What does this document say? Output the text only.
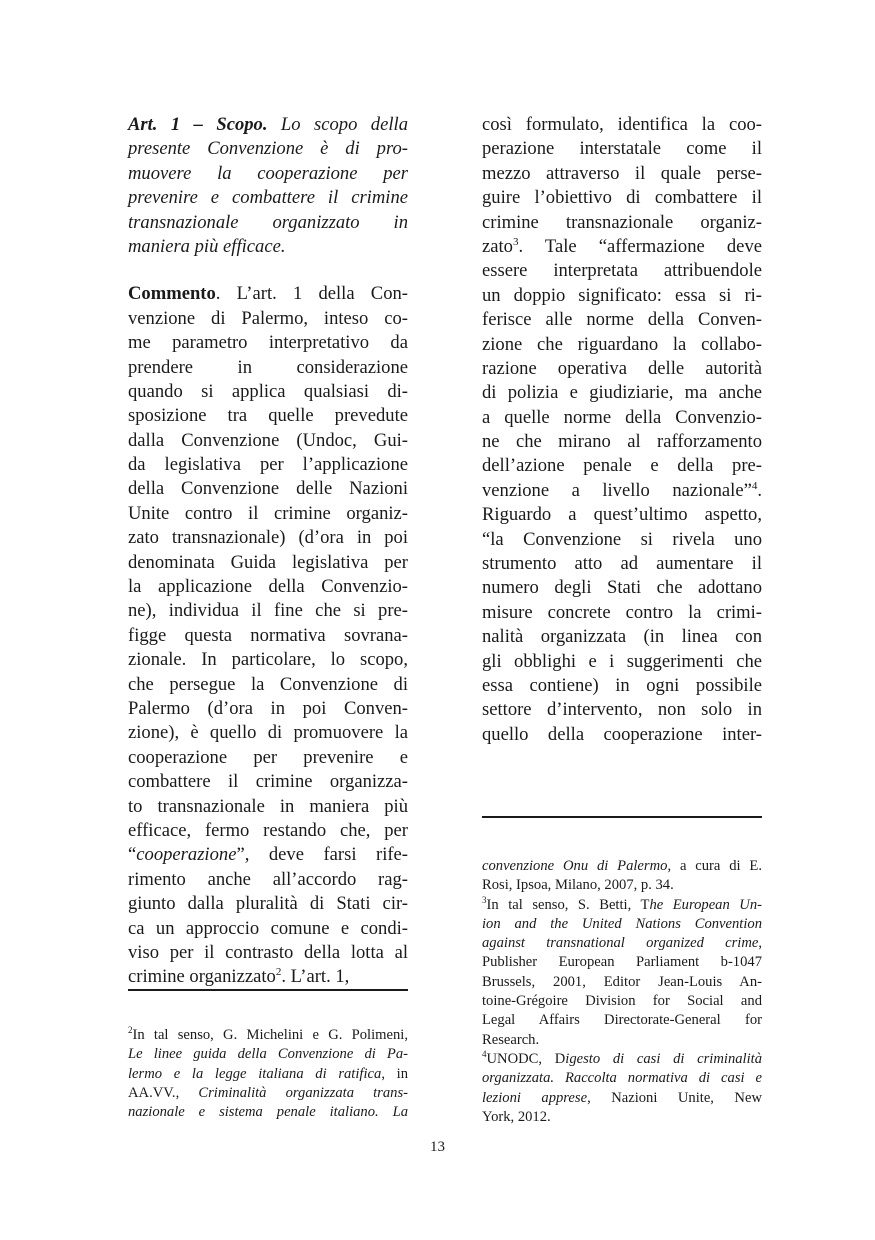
Art. 1 – Scopo. Lo scopo della
presente Convenzione è di pro-
muovere la cooperazione per
prevenire e combattere il crimine
transnazionale organizzato in
maniera più efficace.
Commento. L’art. 1 della Con-
venzione di Palermo, inteso co-
me parametro interpretativo da
prendere in considerazione
quando si applica qualsiasi di-
sposizione tra quelle prevedute
dalla Convenzione (Undoc, Gui-
da legislativa per l’applicazione
della Convenzione delle Nazioni
Unite contro il crimine organiz-
zato transnazionale) (d’ora in poi
denominata Guida legislativa per
la applicazione della Convenzio-
ne), individua il fine che si pre-
figge questa normativa sovrana-
zionale. In particolare, lo scopo,
che persegue la Convenzione di
Palermo (d’ora in poi Conven-
zione), è quello di promuovere la
cooperazione per prevenire e
combattere il crimine organizza-
to transnazionale in maniera più
efficace, fermo restando che, per
“cooperazione”, deve farsi rife-
rimento anche all’accordo rag-
giunto dalla pluralità di Stati cir-
ca un approccio comune e condi-
viso per il contrasto della lotta al
crimine organizzato$^2$. L’art. 1,
$^2$In tal senso, G. Michelini e G. Polimeni,
Le linee guida della Convenzione di Pa-
lermo e la legge italiana di ratifica, in
AA.VV., Criminalità organizzata trans-
nazionale e sistema penale italiano. La
così formulato, identifica la coo-
perazione interstatale come il
mezzo attraverso il quale perse-
guire l’obiettivo di combattere il
crimine transnazionale organiz-
zato$^3$. Tale “affermazione deve
essere interpretata attribuendole
un doppio significato: essa si ri-
ferisce alle norme della Conven-
zione che riguardano la collabo-
razione operativa delle autorità
di polizia e giudiziarie, ma anche
a quelle norme della Convenzio-
ne che mirano al rafforzamento
dell’azione penale e della pre-
venzione a livello nazionale”$^4$.
Riguardo a quest’ultimo aspetto,
“la Convenzione si rivela uno
strumento atto ad aumentare il
numero degli Stati che adottano
misure concrete contro la crimi-
nalità organizzata (in linea con
gli obblighi e i suggerimenti che
essa contiene) in ogni possibile
settore d’intervento, non solo in
quello della cooperazione inter-
convenzione Onu di Palermo, a cura di E.
Rosi, Ipsoa, Milano, 2007, p. 34.
$^3$In tal senso, S. Betti, The European Un-
ion and the United Nations Convention
against transnational organized crime,
Publisher European Parliament b-1047
Brussels, 2001, Editor Jean-Louis An-
toine-Grégoire Division for Social and
Legal Affairs Directorate-General for
Research.
$^4$UNODC, Digesto di casi di criminalità
organizzata. Raccolta normativa di casi e
lezioni apprese, Nazioni Unite, New
York, 2012.
13
